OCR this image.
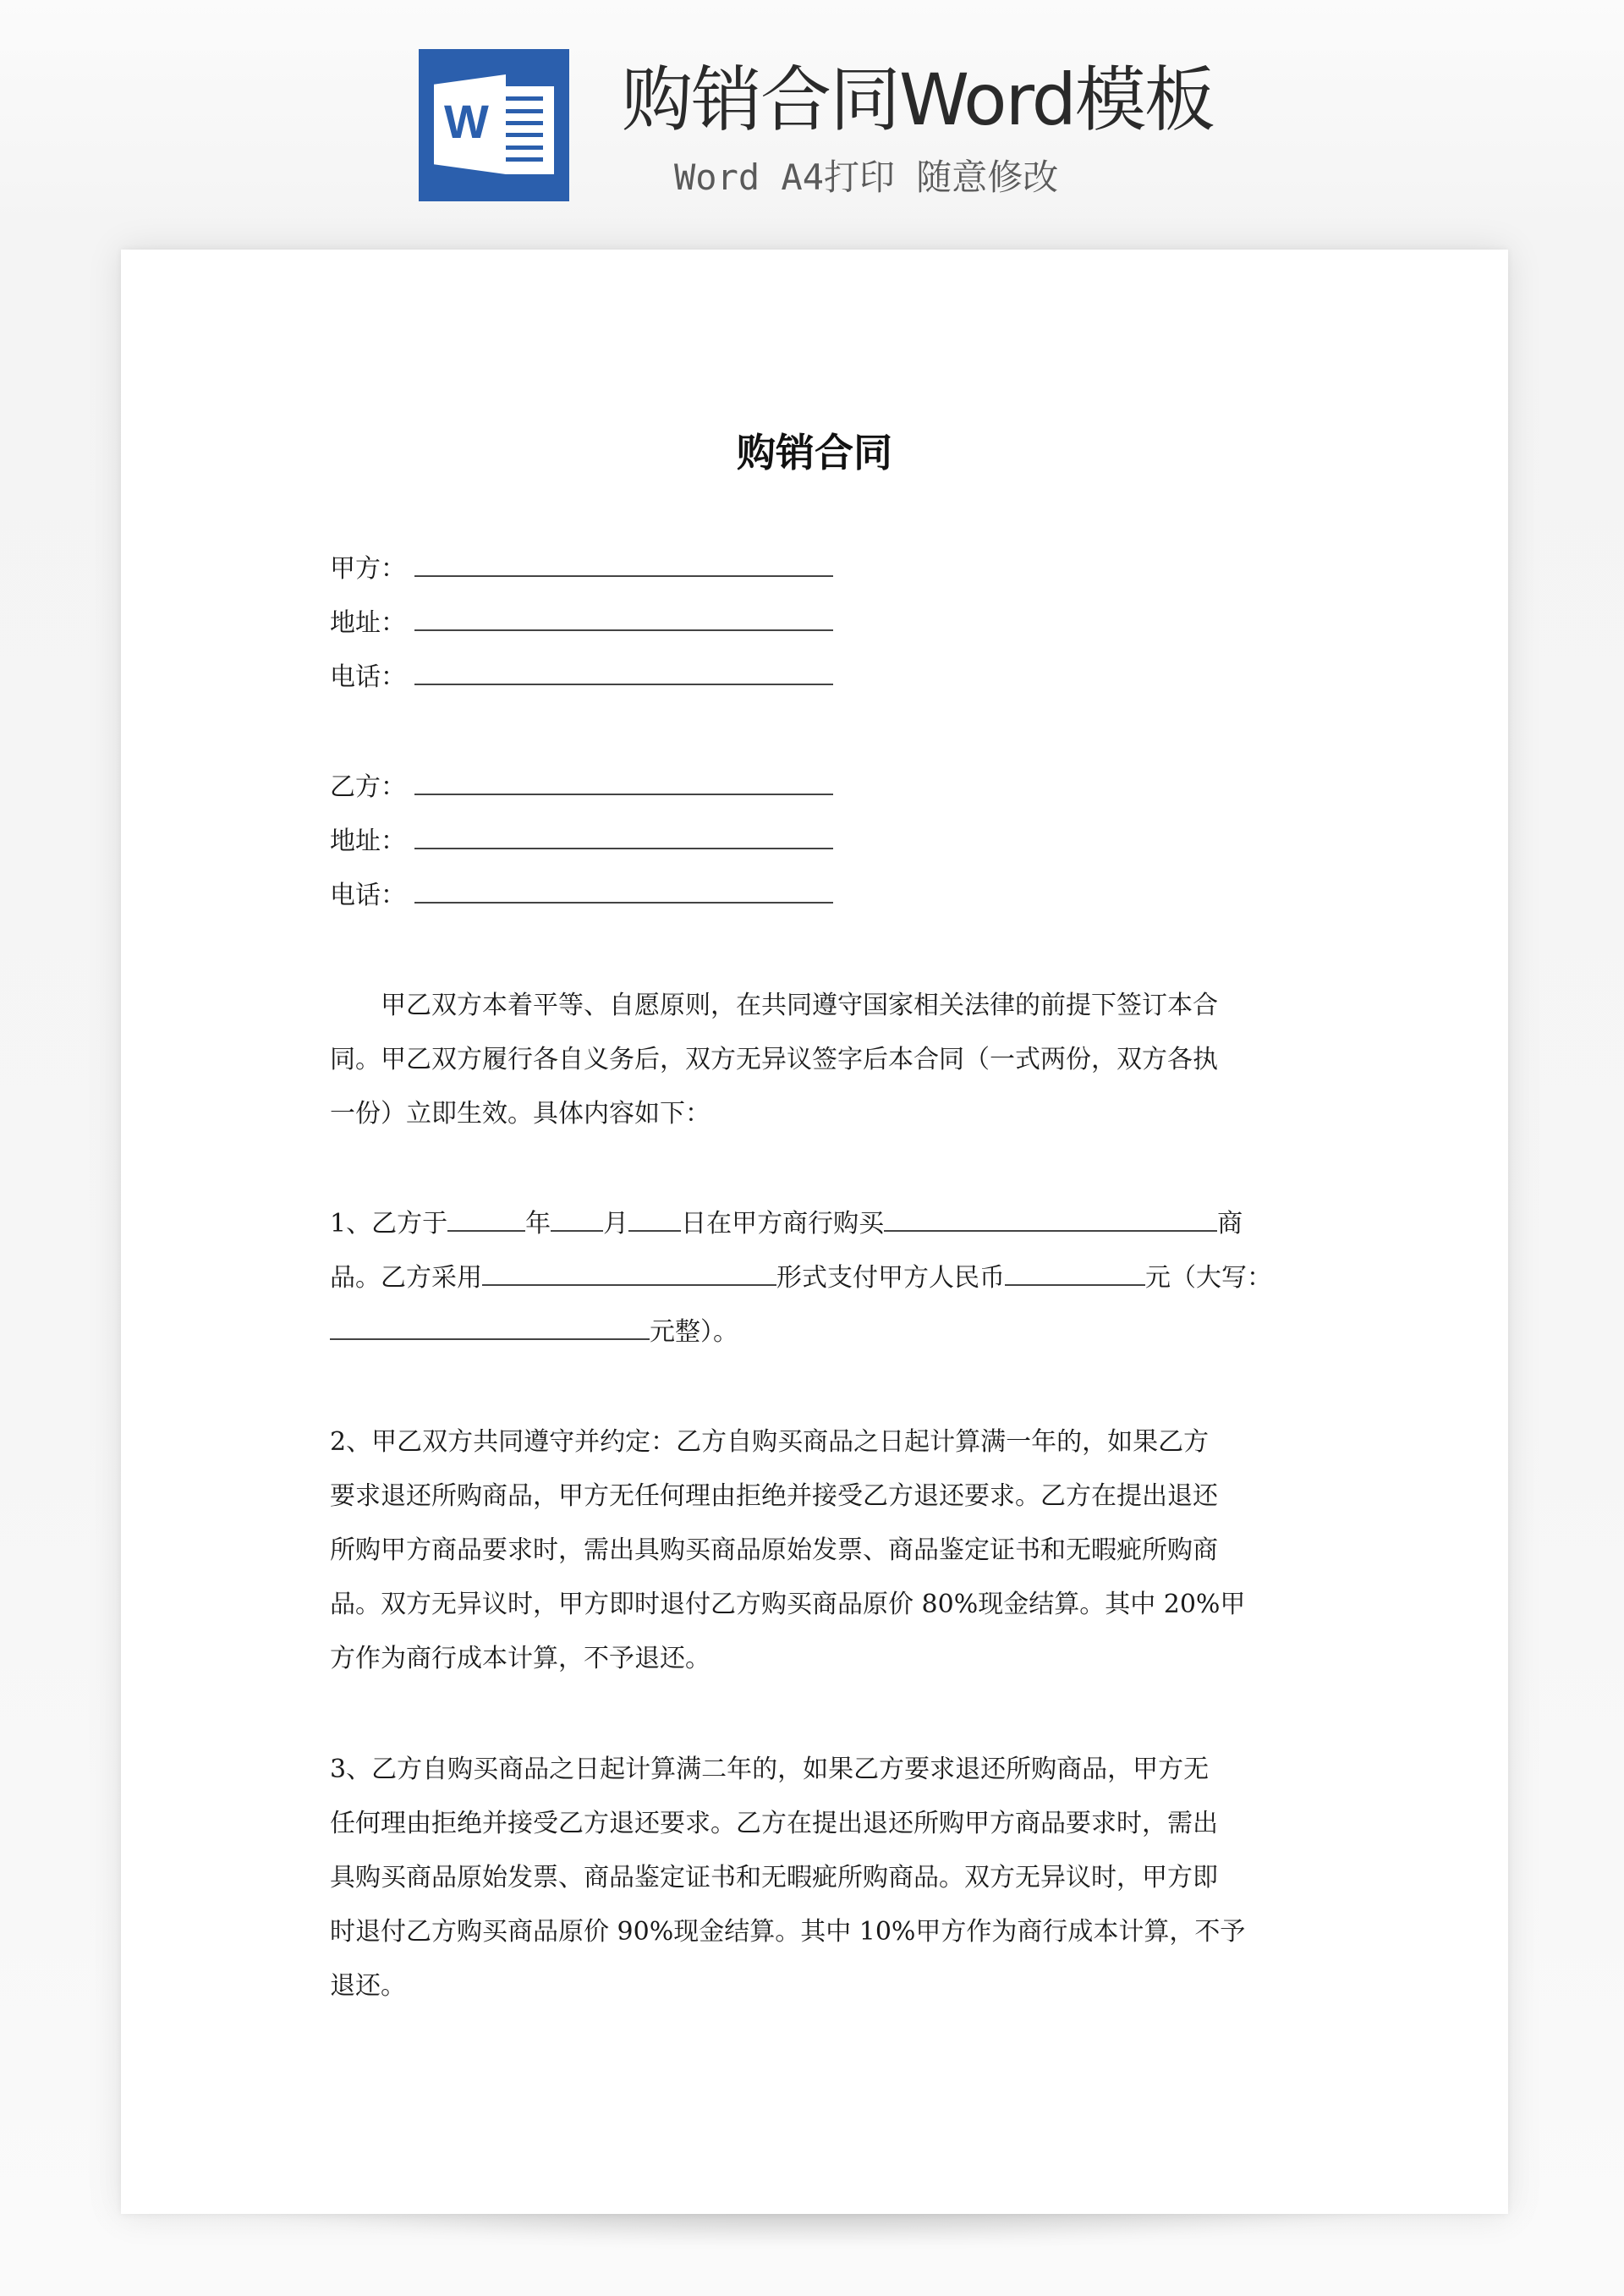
W 购销合同Word模板
Word A4打印 随意修改
购销合同
甲方：
地址：
电话：
乙方：
地址：
电话：
甲乙双方本着平等、自愿原则，在共同遵守国家相关法律的前提下签订本合
同。甲乙双方履行各自义务后，双方无异议签字后本合同（一式两份，双方各执
一份）立即生效。具体内容如下：
1、乙方于	年 月 日在甲方商行购买	商
品。乙方采用	形式支付甲方人民币	元（大写：
元整）。
2、甲乙双方共同遵守并约定：乙方自购买商品之日起计算满一年的，如果乙方
要求退还所购商品，甲方无任何理由拒绝并接受乙方退还要求。乙方在提出退还
所购甲方商品要求时，需出具购买商品原始发票、商品鉴定证书和无暇疵所购商
品。双方无异议时，甲方即时退付乙方购买商品原价 80%现金结算。其中 20%甲
方作为商行成本计算，不予退还。
3、乙方自购买商品之日起计算满二年的，如果乙方要求退还所购商品，甲方无
任何理由拒绝并接受乙方退还要求。乙方在提出退还所购甲方商品要求时，需出
具购买商品原始发票、商品鉴定证书和无暇疵所购商品。双方无异议时，甲方即
时退付乙方购买商品原价 90%现金结算。其中 10%甲方作为商行成本计算，不予
退还。
